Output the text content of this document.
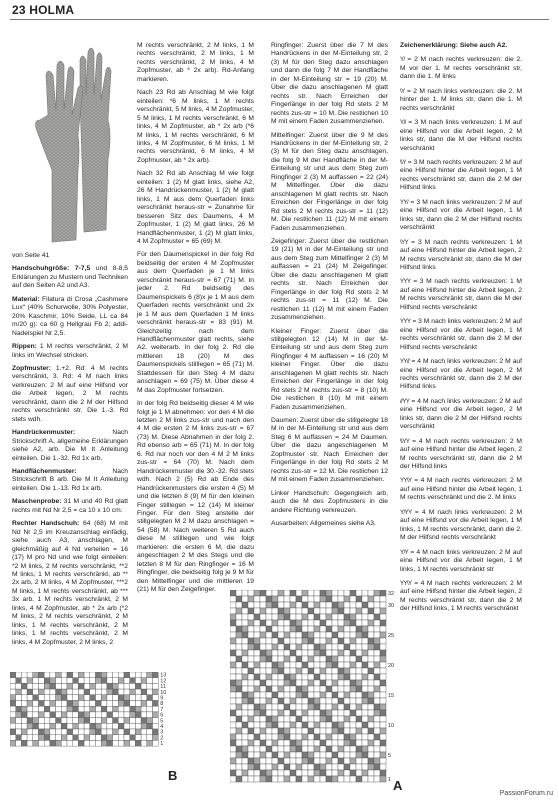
23 HOLMA

von Seite 41

Handschuhgröße: 7-7,5 und 8-8,5 Erklärungen zu Mustern und Techniken auf den Seiten A2 und A3.

Material: Filatura di Crosa „Cashmere Lux“ (40% Schurwolle, 30% Polyester, 20% Kaschmir, 10% Seide, LL ca 84 m/20 g): ca 60 g Hellgrau Fb 2; addi-Nadelspiel Nr 2,5.

Rippen: 1 M rechts verschränkt, 2 M links im Wechsel stricken.

Zopfmuster: 1.+2. Rd: 4 M rechts verschränkt, 3. Rd: 4 M nach links verkreuzen: 2 M auf eine Hilfsnd vor die Arbeit legen, 2 M rechts verschränkt, dann die 2 M der Hilfsnd rechts verschränkt str. Die 1.-3. Rd stets wdh.

Handrückenmuster:	Nach Strickschrift A, allgemeine Erklärungen siehe A2, arb. Die M It Anleitung einteilen. Die 1.-32. Rd 1x arb.

Handflächenmuster:	Nach Strickschrift B arb. Die M It Anleitung einteilen. Die 1.-13. Rd 1x arb.

Maschenprobe: 31 M und 40 Rd glatt rechts mit Nd Nr 2,5 = ca 10 x 10 cm.

Rechter Handschuh: 64 (68) M mit Nd Nr 2,5 im Kreuzanschlag einfädig, siehe auch A3, anschlagen, M gleichmäßig auf 4 Nd verteilen = 16 (17) M pro Nd und wie folgt einteilen: *2 M links, 2 M rechts verschränkt, **2 M links, 1 M rechts verschränkt, ab ** 2x arb, 2 M links, 4 M Zopfmuster, ***2 M links, 1 M rechts verschränkt, ab *** 3x arb, 1 M rechts verschränkt, 2 M links, 4 M Zopfmuster, ab * 2x arb (*2 M links, 2 M rechts verschränkt, 2 M links, 1 M rechts verschränkt, 2 M links, 1 M rechts verschränkt, 2 M links, 4 M Zopfmuster, 2 M links, 2

M rechts verschränkt, 2 M links, 1 M rechts verschränkt, 2 M links, 1 M rechts verschränkt, 2 M links, 4 M Zopfmuster, ab * 2x arb). Rd-Anfang markieren.

Nach 23 Rd ab Anschlag M wie folgt einteilen: *6 M links, 1 M rechts verschränkt, 5 M links, 4 M Zopfmuster, 5 M links, 1 M rechts verschränkt, 6 M links, 4 M Zopfmuster, ab * 2x arb (*6 M links, 1 M rechts verschränkt, 6 M links, 4 M Zopfmuster, 6 M links, 1 M rechts verschränkt, 6 M links, 4 M Zopfmuster, ab * 2x arb).

Nach 32 Rd ab Anschlag M wie folgt einteilen: 1 (2) M glatt links, siehe A2, 26 M Handrückenmuster, 1 (2) M glatt links, 1 M aus dem Querfaden links verschränkt heraus-str = Zunahme für besseren Sitz des Daumens, 4 M Zopfmuster, 1 (2) M glatt links, 26 M Handflächenmuster, 1 (2) M glatt links, 4 M Zopfmuster = 65 (69) M.

Für den Daumenspickel in der folg Rd beidseitig der ersten 4 M Zopfmuster aus dem Querfaden je 1 M links verschränkt heraus-str = 67 (71) M. In jeder 2. Rd beidseitig des Daumenspickels 6 (8)x je 1 M aus dem Querfaden rechts verschränkt und 2x je 1 M aus dem Querfaden 1 M links verschränkt heraus-str = 83 (91) M. Gleichzeitig nach dem Handflächenmuster glatt rechts, siehe A2, weiterarb. In der folg 2. Rd die mittleren 18 (20) M des Daumenspickels stilllegen = 65 (71) M. Stattdessen für den Steg 4 M dazu anschlagen = 69 (75) M. Über diese 4 M das Zopfmuster fortsetzen.

In der folg Rd beidseitig dieser 4 M wie folgt je 1 M abnehmen: vor den 4 M die letzten 2 M links zus-str und nach den 4 M die ersten 2 M links zus-str = 67 (73) M. Diese Abnahmen in der folg 2. Rd ebenso arb = 65 (71) M. In der folg 6. Rd nur noch vor den 4 M 2 M links zus-str = 64 (70) M. Nach dem Handrückenmuster die 30.-32. Rd stets wdh. Nach 2 (5) Rd ab Ende des Handrückenmusters die ersten 4 (5) M und die letzten 8 (9) M für den kleinen Finger stilllegen = 12 (14) M kleiner Finger. Für den Steg anstelle der stillgelegten M 2 M dazu anschlagen = 54 (58) M. Nach weiteren 5 Rd auch diese M stilllegen und wie folgt markieren: die ersten 6 M, die dazu angeschlagen 2 M des Stegs und die letzten 8 M für den Ringfinger = 16 M Ringfinger, die beidseitig folg je 9 M für den Mittelfinger und die mittleren 19 (21) M für den Zeigefinger.

Ringfinger: Zuerst über die 7 M des Handrückens in der M-Einteilung str, 2 (3) M für den Steg dazu anschlagen und dann die folg 7 M der Handfläche in der M-Einteilung str = 19 (20) M. Über die dazu anschlagenen M glatt rechts str. Nach Erreichen der Fingerlänge in der folg Rd stets 2 M rechts zus-str = 10 M. Die restlichen 10 M mit einem Faden zusammenziehen.

Mittelfinger: Zuerst über die 9 M des Handrückens in der M-Einteilung str, 2 (3) M für den Steg dazu anschlagen, die folg 9 M der Handfläche in der M-Einteilung str und aus dem Steg zum Ringfinger 2 (3) M auffassen = 22 (24) M Mittelfinger. Über die dazu anschlagenen M glatt rechts str. Nach Erreichen der Fingerlänge in der folg Rd stets 2 M rechts zus-str = 11 (12) M. Die restlichen 11 (12) M mit einem Faden zusammenziehen.

Zeigefinger: Zuerst über die restlichen 19 (21) M in der M-Einteilung str und aus dem Steg zum Mittelfinger 2 (3) M auffassen = 21 (24) M Zeigefinger. Über die dazu anschlagenen M glatt rechts str. Nach Erreichen der Fingerlänge in der folg Rd stets 2 M rechts zus-str = 11 (12) M. Die restlichen 11 (12) M mit einem Faden zusammenziehen.

Kleiner Finger: Zuerst über die stillgelegten 12 (14) M in der M-Einteilung str und aus dem Steg zum Ringfinger 4 M auffassen = 16 (20) M kleiner Finger. Über die dazu anschlagenen M glatt rechts str. Nach Erreichen der Fingerlänge in der folg Rd stets 2 M rechts zus-str = 8 (10) M. Die restlichen 8 (10) M mit einem Faden zusammenziehen.

Daumen: Zuerst über die stillgelegte 18 M in der M-Einteilung str und aus dem Steg 6 M auffassen = 24 M Daumen. Über die dazu angeschlagenen M Zopfmuster str. Nach Erreichen der Fingerlänge in der folg Rd stets 2 M rechts zus-str = 12 M. Die restlichen 12 M mit einem Faden zusammenziehen.

Linker Handschuh: Gegengleich arb, auch die M des Zopfmusters in die andere Richtung verkreuzen.

Ausarbeiten: Allgemeines siehe A3.

Zeichenerklärung: Siehe auch A2.

Y/ = 2 M nach rechts verkreuzen: die 2. M vor der 1. M rechts verschränkt str, dann die 1. M links

\Y = 2 M nach links verkreuzen: die 2. M hinter der 1. M links str, dann die 1. M rechts verschränkt

Y// = 3 M nach links verkreuzen: 1 M auf eine Hilfsnd vor die Arbeit legen, 2 M links str, dann die M der Hilfsnd rechts verschränkt

\\Y = 3 M nach rechts verkreuzen: 2 M auf eine Hilfsnd hinter die Arbeit legen, 1 M rechts verschränkt str, dann die 2 M der Hilfsnd links

YY/ = 3 M nach links verkreuzen: 2 M auf eine Hilfsnd vor die Arbeit legen, 1 M links str, dann die 2 M der Hilfsnd rechts verschränkt

\YY = 3 M nach rechts verkreuzen: 1 M auf eine Hilfsnd hinter die Arbeit legen, 2 M rechts verschränkt str, dann die M der Hilfsnd links

YYY = 3 M nach rechts verkreuzen: 1 M auf eine Hilfsnd hinter die Arbeit legen, 2 M rechts verschränkt str, dann die M der Hilfsnd rechts verschränkt

YYY = 3 M nach links verkreuzen: 2 M auf eine Hilfsnd vor die Arbeit legen, 1 M rechts verschränkt str, dann die 2 M der Hilfsnd rechts verschränkt

YY// = 4 M nach links verkreuzen: 2 M auf eine Hilfsnd vor die Arbeit legen, 2 M rechts verschränkt str, dann die 2 M der Hilfsnd links

//YY = 4 M nach links verkreuzen: 2 M auf eine Hilfsnd vor die Arbeit legen, 2 M links str, dann die 2 M der Hilfsnd rechts verschränkt

\\YY = 4 M nach rechts verkreuzen: 2 M auf eine Hilfsnd hinter die Arbeit legen, 2 M rechts verschränkt str, dann die 2 M der Hilfsnd links

YY\Y = 4 M nach rechts verkreuzen: 2 M auf eine Hilfsnd hinter die Arbeit legen, 1 M rechts verschränkt und die 2. M links

Y/YY = 4 M nach links verkreuzen: 2 M auf eine Hilfsnd vor die Arbeit legen, 1 M links, 1 M rechts verschränkt, dann die 2. M der Hilfsnd rechts verschränkt

Y/Y = 4 M nach links verkreuzen: 2 M auf eine Hilfsnd vor die Arbeit legen, 1 M links, 1 M rechts verschränkt str

YY\Y = 4 M nach rechts verkreuzen: 2 M auf eine Hilfsnd hinter die Arbeit legen, 2 M rechts verschränkt str, dann die 2 M der Hilfsnd links, 1 M rechts verschränkt

13
12
11
10
9
8
7
6
5
4
3
2
1
B
32
30
25
20
15
10
5
1 A
PassionForum.ru
